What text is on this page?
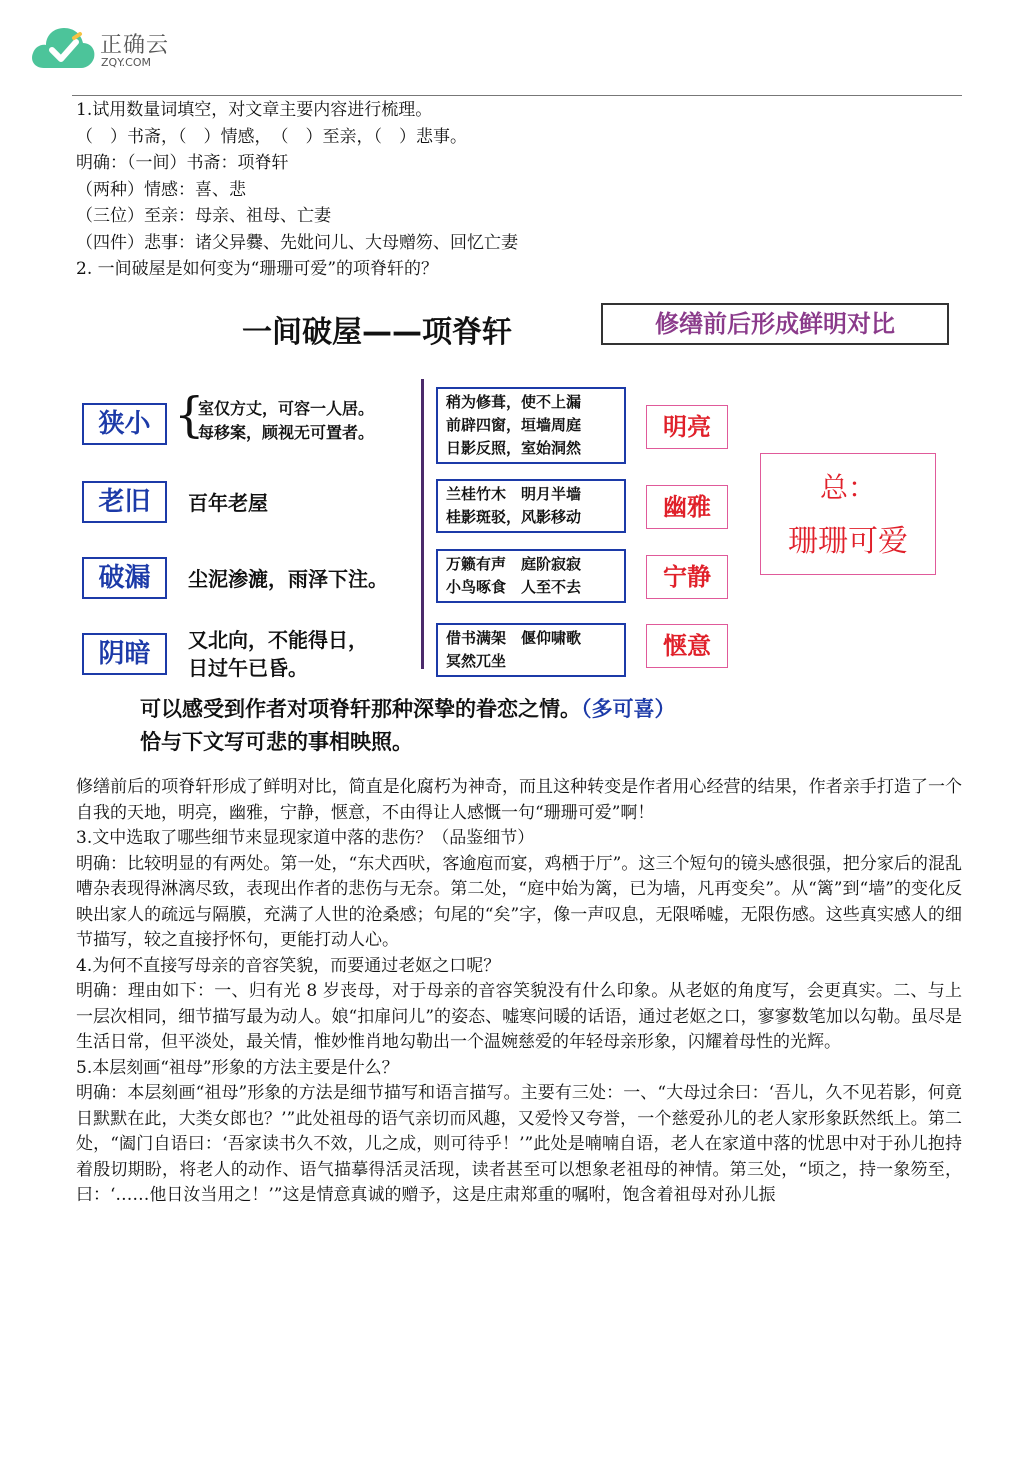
正确云
ZQY.COM

1.试用数量词填空，对文章主要内容进行梳理。

（　）书斋，（　）情感，　（　）至亲，（　）悲事。

明确：（一间）书斋：项脊轩

（两种）情感：喜、悲

（三位）至亲：母亲、祖母、亡妻

（四件）悲事：诸父异爨、先妣问儿、大母赠笏、回忆亡妻

2. 一间破屋是如何变为“珊珊可爱”的项脊轩的？

一间破屋——项脊轩	修缮前后形成鲜明对比
狭小
老旧
破漏
阴暗
{
室仅方丈，可容一人居。
每移案，顾视无可置者。
百年老屋
尘泥渗漉，雨泽下注。
又北向，不能得日，
日过午已昏。
稍为修葺，使不上漏
前辟四窗，垣墙周庭
日影反照，室始洞然
兰桂竹木　明月半墙
桂影斑驳，风影移动
万籁有声　庭阶寂寂
小鸟啄食　人至不去
借书满架　偃仰啸歌
冥然兀坐
明亮
幽雅
宁静
惬意
总：
珊珊可爱
可以感受到作者对项脊轩那种深挚的眷恋之情。（多可喜）
恰与下文写可悲的事相映照。

修缮前后的项脊轩形成了鲜明对比，简直是化腐朽为神奇，而且这种转变是作者用心经营的结果，作者亲手打造了一个自我的天地，明亮，幽雅，宁静，惬意，不由得让人感慨一句“珊珊可爱”啊！

3.文中选取了哪些细节来显现家道中落的悲伤？（品鉴细节）

明确：比较明显的有两处。第一处，“东犬西吠，客逾庖而宴，鸡栖于厅”。这三个短句的镜头感很强，把分家后的混乱嘈杂表现得淋漓尽致，表现出作者的悲伤与无奈。第二处，“庭中始为篱，已为墙，凡再变矣”。从“篱”到“墙”的变化反映出家人的疏远与隔膜，充满了人世的沧桑感；句尾的“矣”字，像一声叹息，无限唏嘘，无限伤感。这些真实感人的细节描写，较之直接抒怀句，更能打动人心。

4.为何不直接写母亲的音容笑貌，而要通过老妪之口呢？

明确：理由如下：一、归有光 8 岁丧母，对于母亲的音容笑貌没有什么印象。从老妪的角度写，会更真实。二、与上一层次相同，细节描写最为动人。娘“扣扉问儿”的姿态、嘘寒问暖的话语，通过老妪之口，寥寥数笔加以勾勒。虽尽是生活日常，但平淡处，最关情，惟妙惟肖地勾勒出一个温婉慈爱的年轻母亲形象，闪耀着母性的光辉。

5.本层刻画“祖母”形象的方法主要是什么？

明确：本层刻画“祖母”形象的方法是细节描写和语言描写。主要有三处：一、“大母过余曰：‘吾儿，久不见若影，何竟日默默在此，大类女郎也？’”此处祖母的语气亲切而风趣，又爱怜又夸誉，一个慈爱孙儿的老人家形象跃然纸上。第二处，“阖门自语曰：‘吾家读书久不效，儿之成，则可待乎！’”此处是喃喃自语，老人在家道中落的忧思中对于孙儿抱持着殷切期盼，将老人的动作、语气描摹得活灵活现，读者甚至可以想象老祖母的神情。第三处，“顷之，持一象笏至，曰：‘……他日汝当用之！’”这是情意真诚的赠予，这是庄肃郑重的嘱咐，饱含着祖母对孙儿振
